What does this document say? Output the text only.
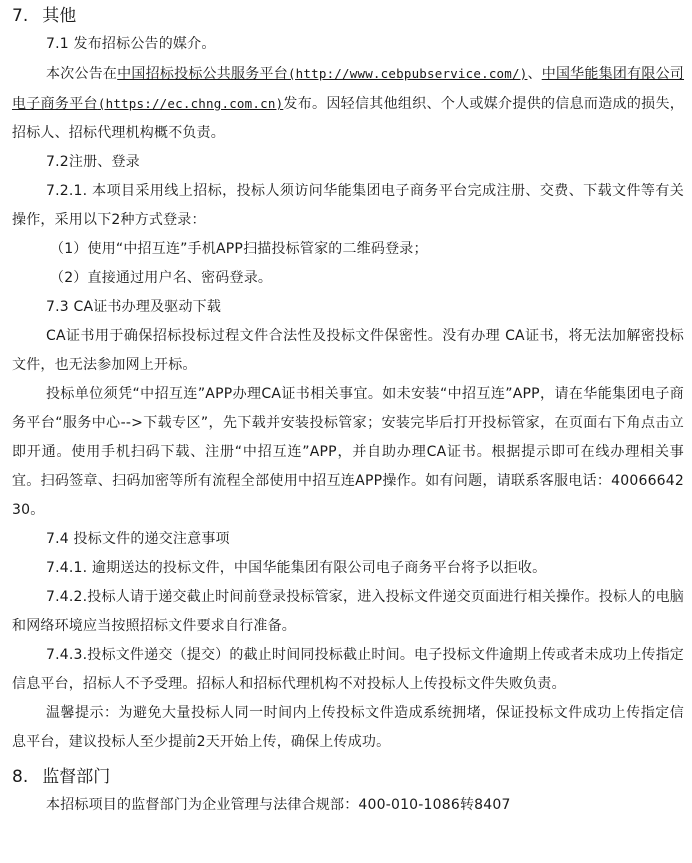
7. 其他

7.1 发布招标公告的媒介。

本次公告在中国招标投标公共服务平台(http://www.cebpubservice.com/)、中国华能集团有限公司电子商务平台(https://ec.chng.com.cn)发布。因轻信其他组织、个人或媒介提供的信息而造成的损失，招标人、招标代理机构概不负责。

7.2注册、登录

7.2.1. 本项目采用线上招标，投标人须访问华能集团电子商务平台完成注册、交费、下载文件等有关操作，采用以下2种方式登录：

（1）使用“中招互连”手机APP扫描投标管家的二维码登录；

（2）直接通过用户名、密码登录。

7.3 CA证书办理及驱动下载

CA证书用于确保招标投标过程文件合法性及投标文件保密性。没有办理 CA证书，将无法加解密投标文件，也无法参加网上开标。

投标单位须凭“中招互连”APP办理CA证书相关事宜。如未安装“中招互连”APP，请在华能集团电子商务平台“服务中心-->下载专区”，先下载并安装投标管家；安装完毕后打开投标管家，在页面右下角点击立即开通。使用手机扫码下载、注册“中招互连”APP，并自助办理CA证书。根据提示即可在线办理相关事宜。扫码签章、扫码加密等所有流程全部使用中招互连APP操作。如有问题，请联系客服电话：4006664230。

7.4 投标文件的递交注意事项

7.4.1. 逾期送达的投标文件，中国华能集团有限公司电子商务平台将予以拒收。

7.4.2.投标人请于递交截止时间前登录投标管家，进入投标文件递交页面进行相关操作。投标人的电脑和网络环境应当按照招标文件要求自行准备。

7.4.3.投标文件递交（提交）的截止时间同投标截止时间。电子投标文件逾期上传或者未成功上传指定信息平台，招标人不予受理。招标人和招标代理机构不对投标人上传投标文件失败负责。

温馨提示：为避免大量投标人同一时间内上传投标文件造成系统拥堵，保证投标文件成功上传指定信息平台，建议投标人至少提前2天开始上传，确保上传成功。

8. 监督部门

本招标项目的监督部门为企业管理与法律合规部：400-010-1086转8407
